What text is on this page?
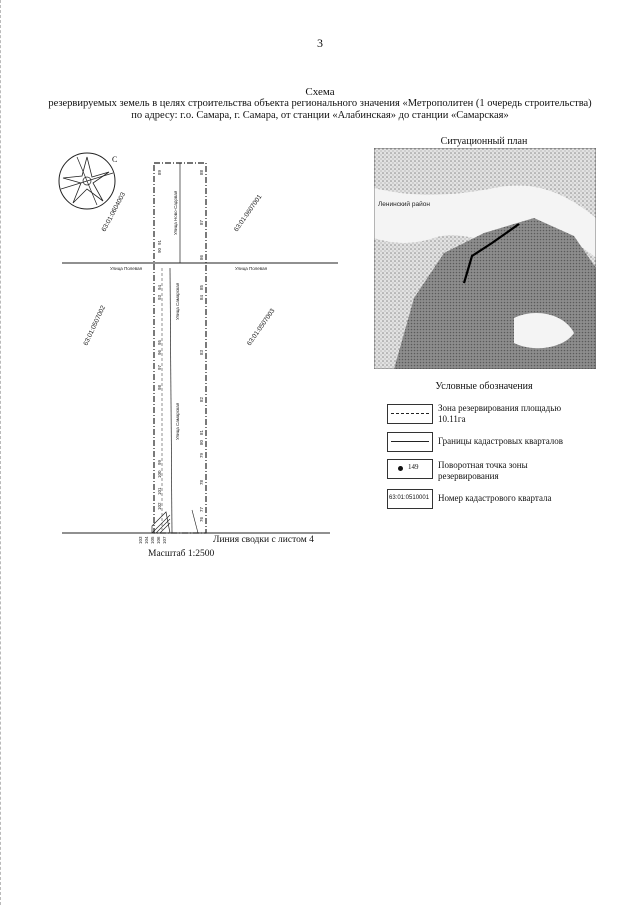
3
Схема
резервируемых земель в целях строительства объекта регионального значения «Метрополитен (1 очередь строительства)
по адресу: г.о. Самара, г. Самара, от станции «Алабинская» до станции «Самарская»
С
Улица Полевая	Улица Полевая
Улица Ново-Садовая
Улица Самарская
Улица Самарская
63:01:0604003	63:01:0607001
63:01:0507002	63:01:0507003
89
91
90
94
93
95
96
97
98
99
100
101
102
88
87
86
85
84
83
82
81
80
79
78
77
76
103 104 105 106 107	Линия сводки с листом 4
Масштаб 1:2500
Ситуационный план
Ленинский район
Условные обозначения
Зона резервирования площадью 10.11га
Границы кадастровых кварталов
149 Поворотная точка зоны резервирования
63:01:0510001 Номер кадастрового квартала
